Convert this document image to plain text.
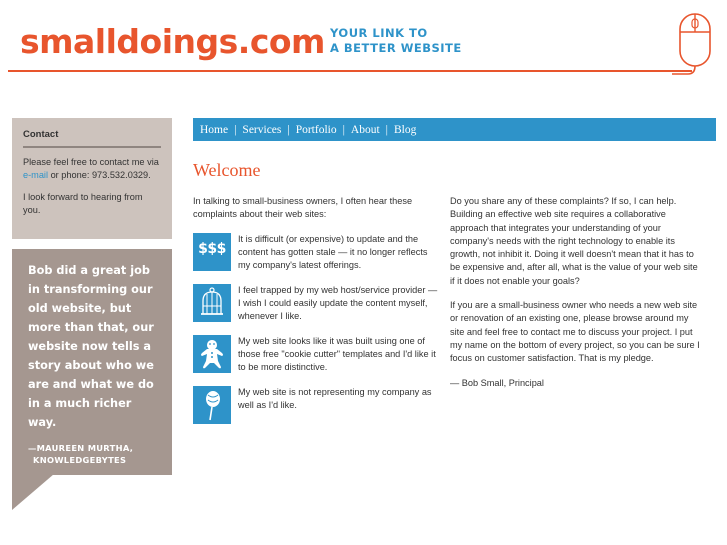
smalldoings.com YOUR LINK TO
A BETTER WEBSITE
Contact

Please feel free to contact me via e-mail or phone: 973.532.0329.

I look forward to hearing from you.

Bob did a great job in transforming our old website, but more than that, our website now tells a story about who we are and what we do in a much richer way.
—MAUREEN MURTHA,
KNOWLEDGEBYTES
Home | Services | Portfolio | About | Blog
Welcome
In talking to small-business owners, I often hear these complaints about their web sites:
$$$
It is difficult (or expensive) to update and the content has gotten stale — it no longer reflects my company's latest offerings.
I feel trapped by my web host/service provider — I wish I could easily update the content myself, whenever I like.
My web site looks like it was built using one of those free "cookie cutter" templates and I'd like it to be more distinctive.
My web site is not representing my company as well as I'd like.

Do you share any of these complaints? If so, I can help. Building an effective web site requires a collaborative approach that integrates your understanding of your company's needs with the right technology to enable its growth, not inhibit it. Doing it well doesn't mean that it has to be expensive and, after all, what is the value of your web site if it does not enable your goals?

If you are a small-business owner who needs a new web site or renovation of an existing one, please browse around my site and feel free to contact me to discuss your project. I put my name on the bottom of every project, so you can be sure I focus on customer satisfaction. That is my pledge.

— Bob Small, Principal
